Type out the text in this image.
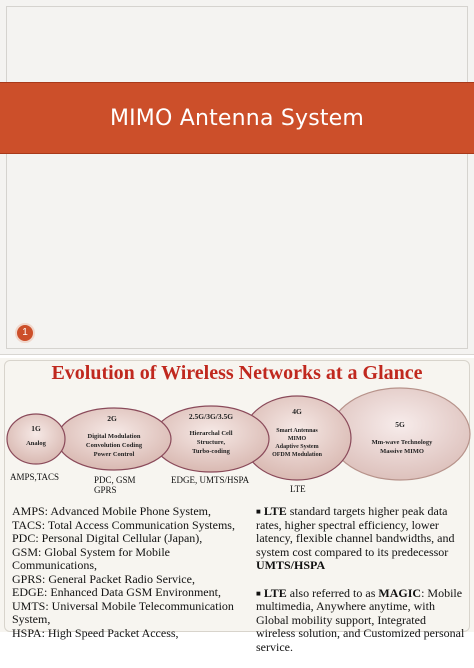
MIMO Antenna System
1
Evolution of Wireless Networks at a Glance
1G
Analog
2G
Digital Modulation
Convolution Coding
Power Control
2.5G/3G/3.5G
Hierarchal Cell
Structure,
Turbo-coding
4G
Smart Antennas
MIMO
Adaptive System
OFDM Modulation
5G
Mm-wave Technology
Massive MIMO
AMPS,TACS	PDC, GSM
GPRS
EDGE, UMTS/HSPA
LTE
AMPS: Advanced Mobile Phone System,
TACS: Total Access Communication Systems,
PDC: Personal Digital Cellular (Japan),
GSM: Global System for Mobile
Communications,
GPRS: General Packet Radio Service,
EDGE: Enhanced Data GSM Environment,
UMTS: Universal Mobile Telecommunication
System,
HSPA: High Speed Packet Access,

■ LTE standard targets higher peak data rates, higher spectral efficiency, lower latency, flexible channel bandwidths, and system cost compared to its predecessor UMTS/HSPA

■ LTE also referred to as MAGIC: Mobile multimedia, Anywhere anytime, with Global mobility support, Integrated wireless solution, and Customized personal service.
